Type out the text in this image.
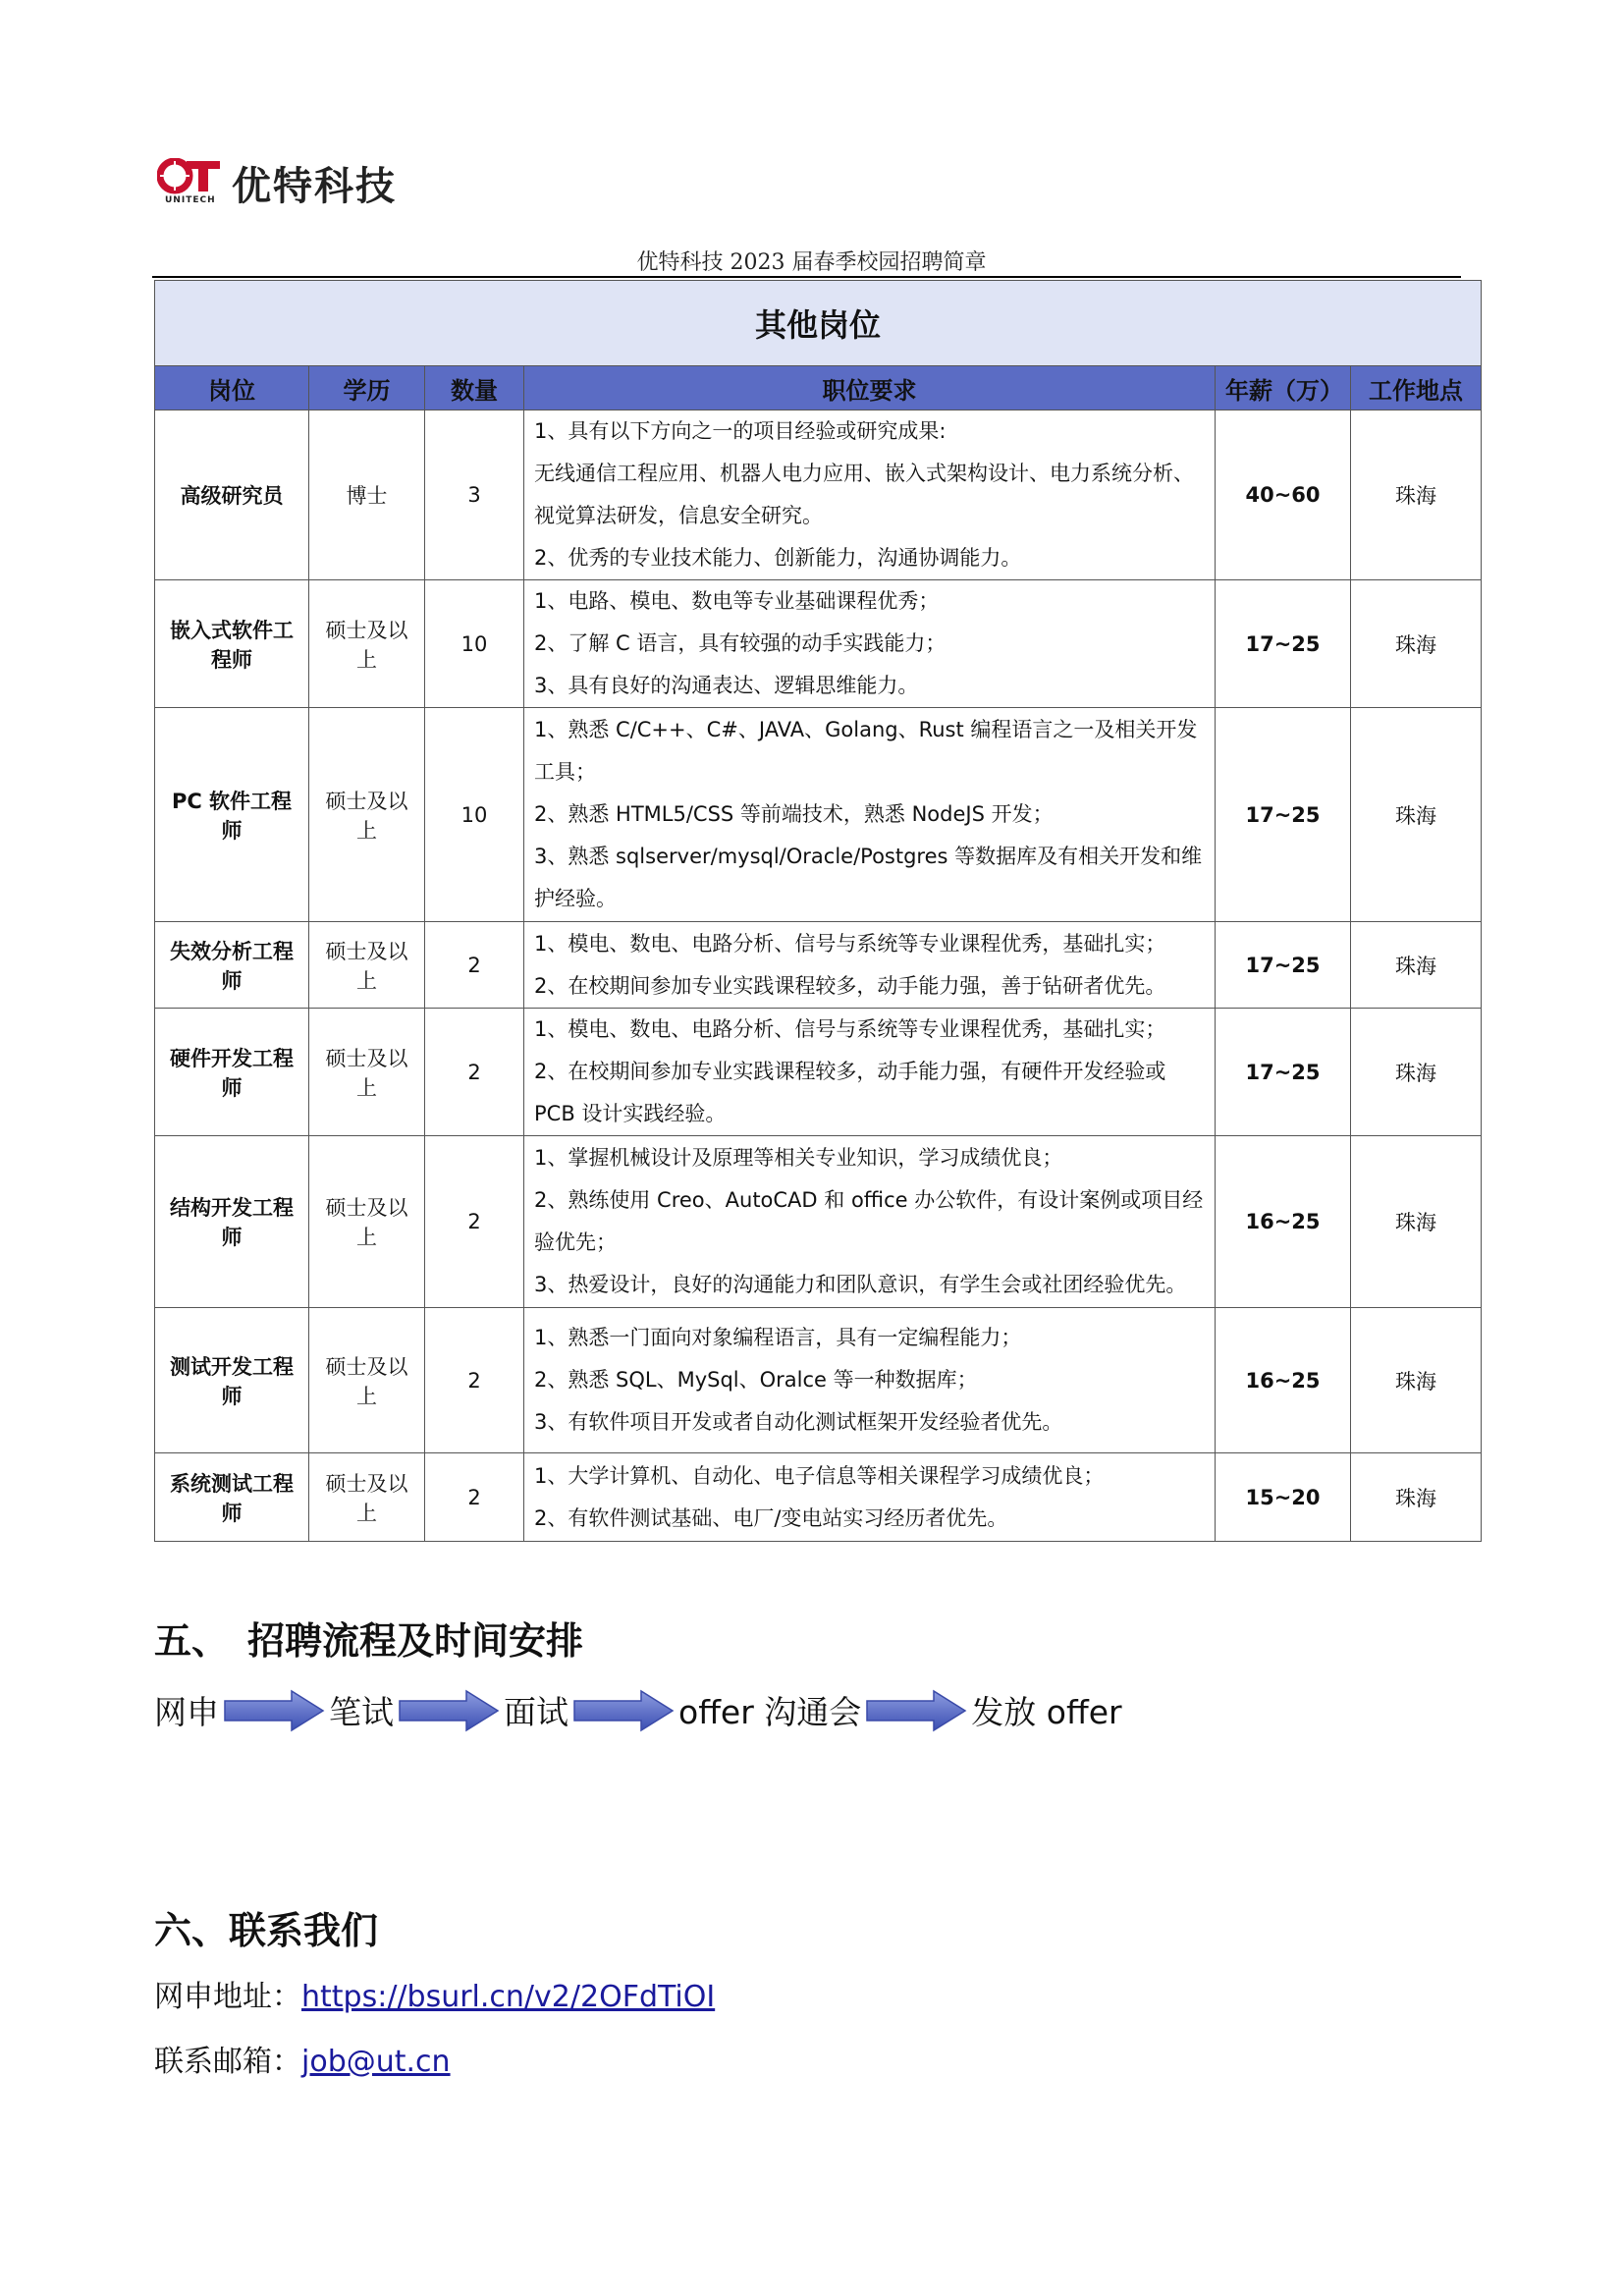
UNITECH 优特科技
优特科技 2023 届春季校园招聘简章
其他岗位					
岗位	学历	数量	职位要求	年薪（万）	工作地点
高级研究员	博士	3	1、具有以下方向之一的项目经验或研究成果:
无线通信工程应用、机器人电力应用、嵌入式架构设计、电力系统分析、视觉算法研发，信息安全研究。
2、优秀的专业技术能力、创新能力，沟通协调能力。	40~60	珠海
嵌入式软件工程师	硕士及以上	10	1、电路、模电、数电等专业基础课程优秀；
2、了解 C 语言，具有较强的动手实践能力；
3、具有良好的沟通表达、逻辑思维能力。	17~25	珠海
PC 软件工程师	硕士及以上	10	1、熟悉 C/C++、C#、JAVA、Golang、Rust 编程语言之一及相关开发工具；
2、熟悉 HTML5/CSS 等前端技术，熟悉 NodeJS 开发；
3、熟悉 sqlserver/mysql/Oracle/Postgres 等数据库及有相关开发和维护经验。	17~25	珠海
失效分析工程师	硕士及以上	2	1、模电、数电、电路分析、信号与系统等专业课程优秀，基础扎实；
2、在校期间参加专业实践课程较多，动手能力强，善于钻研者优先。	17~25	珠海
硬件开发工程师	硕士及以上	2	1、模电、数电、电路分析、信号与系统等专业课程优秀，基础扎实；
2、在校期间参加专业实践课程较多，动手能力强，有硬件开发经验或 PCB 设计实践经验。	17~25	珠海
结构开发工程师	硕士及以上	2	1、掌握机械设计及原理等相关专业知识，学习成绩优良；
2、熟练使用 Creo、AutoCAD 和 office 办公软件，有设计案例或项目经验优先；
3、热爱设计，良好的沟通能力和团队意识，有学生会或社团经验优先。	16~25	珠海
测试开发工程师	硕士及以上	2	1、熟悉一门面向对象编程语言，具有一定编程能力；
2、熟悉 SQL、MySql、Oralce 等一种数据库；
3、有软件项目开发或者自动化测试框架开发经验者优先。	16~25	珠海
系统测试工程师	硕士及以上	2	1、大学计算机、自动化、电子信息等相关课程学习成绩优良；
2、有软件测试基础、电厂/变电站实习经历者优先。	15~20	珠海
五、　招聘流程及时间安排
网申	笔试	面试	offer 沟通会	发放 offer
六、联系我们
网申地址：https://bsurl.cn/v2/2OFdTiOI
联系邮箱：job@ut.cn
